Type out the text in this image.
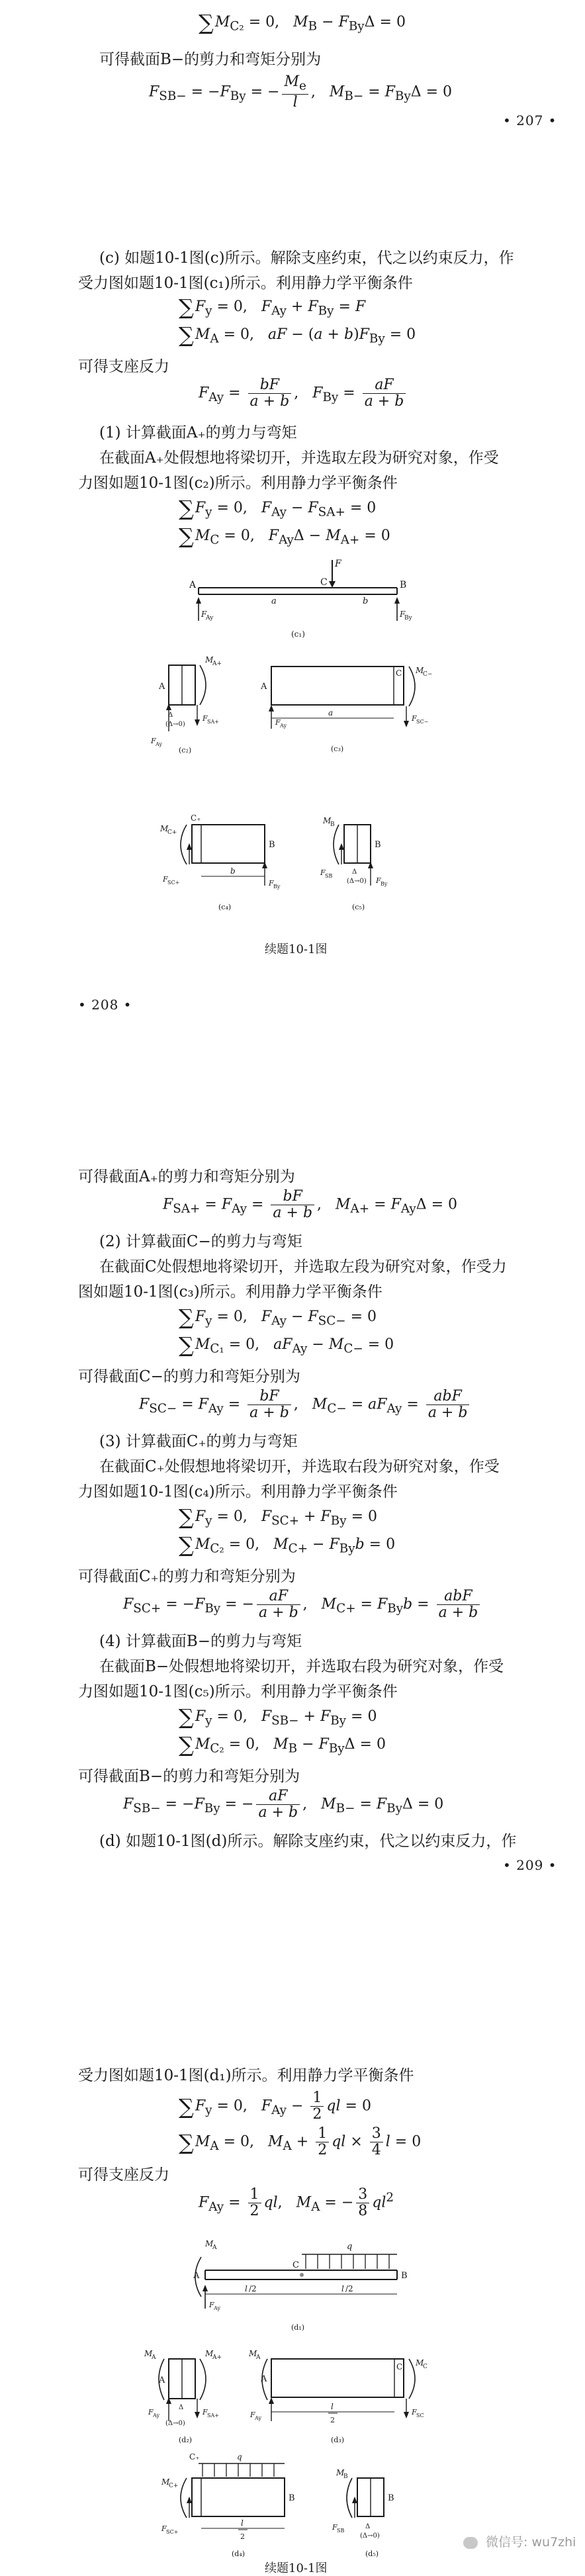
$\sum M_{C_2} = 0$,   $M_B - F_{By}\Delta = 0$
可得截面B−的剪力和弯矩分别为
$F_{SB-} = -F_{By}$ = − $\frac{M_e}{l}$ ,   $M_{B-} = F_{By}\Delta = 0$
• 207 •
(c) 如题10-1图(c)所示。解除支座约束，代之以约束反力，作
受力图如题10-1图(c₁)所示。利用静力学平衡条件
$\sum F_y = 0$,   $F_{Ay} + F_{By} = F$
$\sum M_A = 0$,   aF − $(a + b)F_{By} = 0$
可得支座反力
$F_{Ay} = \frac{bF}{a + b}$ ,   $F_{By} = \frac{aF}{a + b}$
(1) 计算截面A₊的剪力与弯矩
在截面A₊处假想地将梁切开，并选取左段为研究对象，作受
力图如题10-1图(c₂)所示。利用静力学平衡条件
$\sum F_y = 0$,   $F_{Ay} - F_{SA+} = 0$
$\sum M_C = 0$,   $F_{Ay}\Delta - M_{A+} = 0$
F
C
A	B
F
Ay	F
By
a	b
(c₁)
A
M
A+
F SA+
F Ay
Δ
(Δ→0)
(c₂)
A
C M
C−
F SC−
F Ay
a
(c₃)
C₊
B
M
C+
F SC+	F By
b
(c₄)
B
M
B
F SB
F By
Δ
(Δ→0)
(c₅)
续题10-1图
• 208 •
可得截面A₊的剪力和弯矩分别为
$F_{SA+} = F_{Ay} = \frac{bF}{a + b}$ ,   $M_{A+} = F_{Ay}\Delta = 0$
(2) 计算截面C−的剪力与弯矩
在截面C处假想地将梁切开，并选取左段为研究对象，作受力
图如题10-1图(c₃)所示。利用静力学平衡条件
$\sum F_y = 0$,   $F_{Ay} - F_{SC-} = 0$
$\sum M_{C_1} = 0$,   $aF_{Ay} - M_{C-} = 0$
可得截面C−的剪力和弯矩分别为
$F_{SC-} = F_{Ay} = \frac{bF}{a + b}$ ,   $M_{C-} = aF_{Ay} = \frac{\text{abF}}{a + b}$
(3) 计算截面C₊的剪力与弯矩
在截面C₊处假想地将梁切开，并选取右段为研究对象，作受
力图如题10-1图(c₄)所示。利用静力学平衡条件
$\sum F_y = 0$,   $F_{SC+} + F_{By} = 0$
$\sum M_{C_2} = 0$,   $M_{C+} - F_{By}b = 0$
可得截面C₊的剪力和弯矩分别为
$F_{SC+} = -F_{By}$ = − $\frac{aF}{a + b}$ ,   $M_{C+} = F_{By}b = \frac{\text{abF}}{a + b}$
(4) 计算截面B−的剪力与弯矩
在截面B−处假想地将梁切开，并选取右段为研究对象，作受
力图如题10-1图(c₅)所示。利用静力学平衡条件
$\sum F_y = 0$,   $F_{SB-} + F_{By} = 0$
$\sum M_{C_2} = 0$,   $M_B - F_{By}\Delta = 0$
可得截面B−的剪力和弯矩分别为
$F_{SB-} = -F_{By}$ = − $\frac{aF}{a + b}$ ,   $M_{B-} = F_{By}\Delta = 0$
(d) 如题10-1图(d)所示。解除支座约束，代之以约束反力，作
• 209 •
受力图如题10-1图(d₁)所示。利用静力学平衡条件
$\sum F_y = 0$,   $F_{Ay} - \frac{1}{2}$ ql = 0
$\sum M_A = 0$,   $M_A + \frac{1}{2}$ ql × $\frac{3}{4}$ l = 0
可得支座反力
$F_{Ay} = \frac{1}{2}$ ql,   $M_A$ = − $\frac{3}{8} ql^2$
q
C
A	B
M
A
F Ay
l /2	l /2
(d₁)
A
M
A	M
A+
F SA+
F Ay
Δ
(Δ→0)
(d₂)
A
C
M
A
M
C
F SC
F Ay
l
2
(d₃)
q
C₊
B
M
C+
F SC+
l
2
(d₄)
B
M
B
F SB
Δ
(Δ→0)
(d₅)
续题10-1图
微信号: wu7zhi
